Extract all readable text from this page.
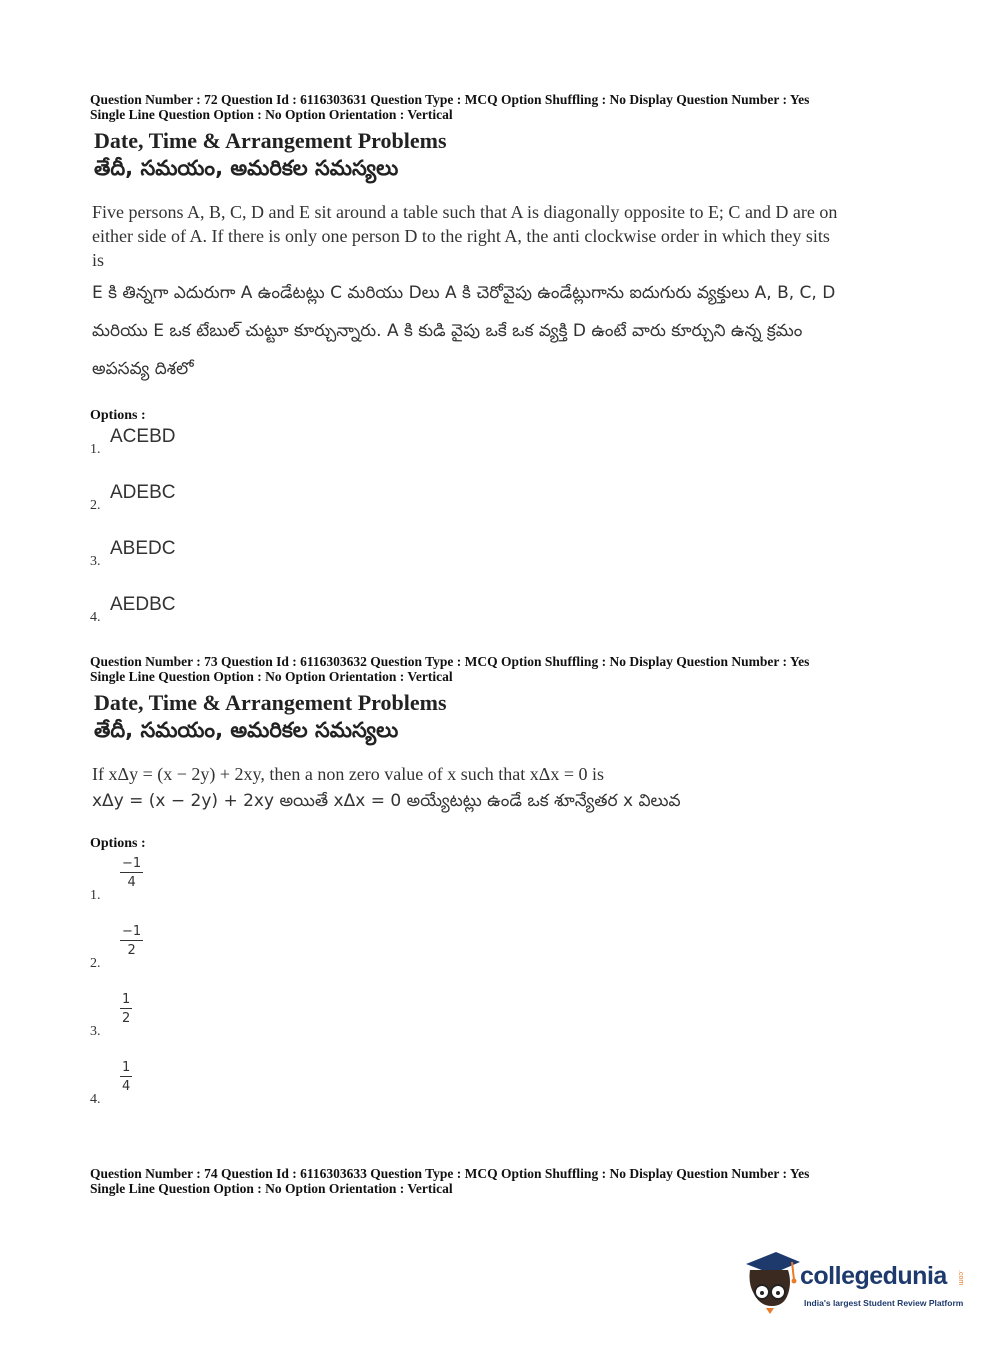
Question Number : 72 Question Id : 6116303631 Question Type : MCQ Option Shuffling : No Display Question Number : Yes
Single Line Question Option : No Option Orientation : Vertical
Date, Time & Arrangement Problems
తేదీ, సమయం, అమరికల సమస్యలు
Five persons A, B, C, D and E sit around a table such that A is diagonally opposite to E; C and D are on either side of A. If there is only one person D to the right A, the anti clockwise order in which they sits is
E కి తిన్నగా ఎదురుగా A ఉండేటట్లు C మరియు Dలు A కి చెరోవైపు ఉండేట్లుగాను ఐదుగురు వ్యక్తులు A, B, C, D మరియు E ఒక టేబుల్ చుట్టూ కూర్చున్నారు. A కి కుడి వైపు ఒకే ఒక వ్యక్తి D ఉంటే వారు కూర్చుని ఉన్న క్రమం అపసవ్య దిశలో
Options :
1.
ACEBD
2.
ADEBC
3.
ABEDC
4.
AEDBC
Question Number : 73 Question Id : 6116303632 Question Type : MCQ Option Shuffling : No Display Question Number : Yes
Single Line Question Option : No Option Orientation : Vertical
Date, Time & Arrangement Problems
తేదీ, సమయం, అమరికల సమస్యలు
If xΔy = (x − 2y) + 2xy, then a non zero value of x such that xΔx = 0 is
xΔy = (x − 2y) + 2xy అయితే xΔx = 0 అయ్యేటట్లు ఉండే ఒక శూన్యేతర x విలువ
Options :
1.
$\frac{-1}{4}$
2.
$\frac{-1}{2}$
3.
$\frac{1}{2}$
4.
$\frac{1}{4}$
Question Number : 74 Question Id : 6116303633 Question Type : MCQ Option Shuffling : No Display Question Number : Yes
Single Line Question Option : No Option Orientation : Vertical
collegedunia .com
India's largest Student Review Platform
